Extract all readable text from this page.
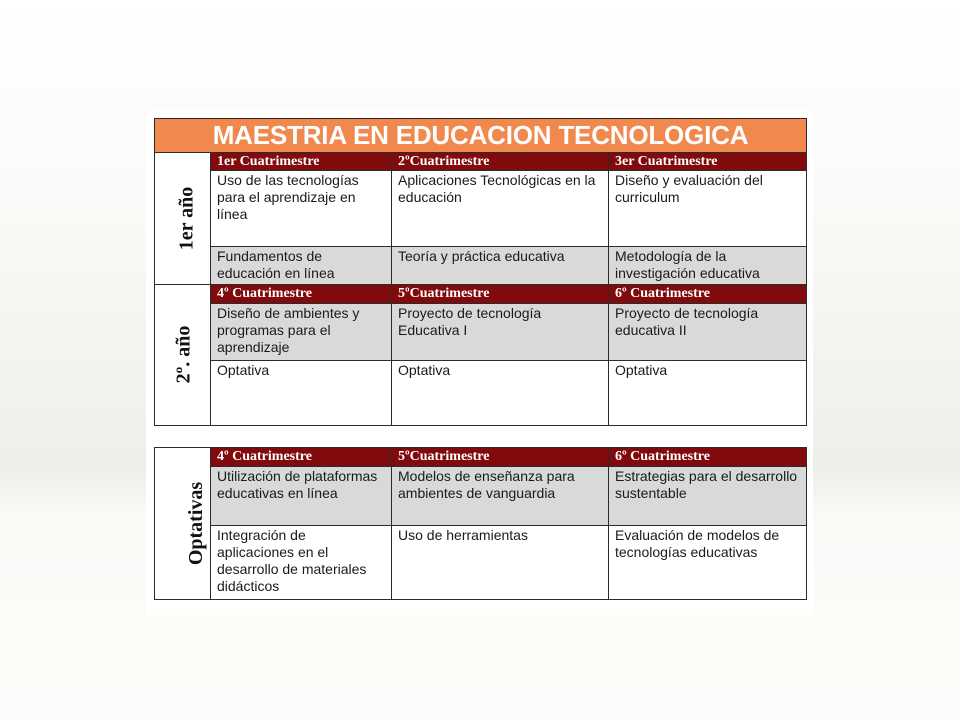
MAESTRIA EN EDUCACION TECNOLOGICA			
1er año	1er Cuatrimestre	2ºCuatrimestre	3er Cuatrimestre
	Uso de las tecnologías para el aprendizaje en línea	Aplicaciones Tecnológicas en la educación	Diseño y evaluación del curriculum
	Fundamentos de educación en línea	Teoría y práctica educativa	Metodología de la investigación educativa
2º. año	4º Cuatrimestre	5ºCuatrimestre	6º Cuatrimestre
	Diseño de ambientes y programas para el aprendizaje	Proyecto de tecnología Educativa I	Proyecto de tecnología educativa II
	Optativa	Optativa	Optativa
Optativas	4º Cuatrimestre	5ºCuatrimestre	6º Cuatrimestre
	Utilización de plataformas educativas en línea	Modelos de enseñanza para ambientes de vanguardia	Estrategias para el desarrollo sustentable
	Integración de aplicaciones en el desarrollo de materiales didácticos	Uso de herramientas	Evaluación de modelos de tecnologías educativas
